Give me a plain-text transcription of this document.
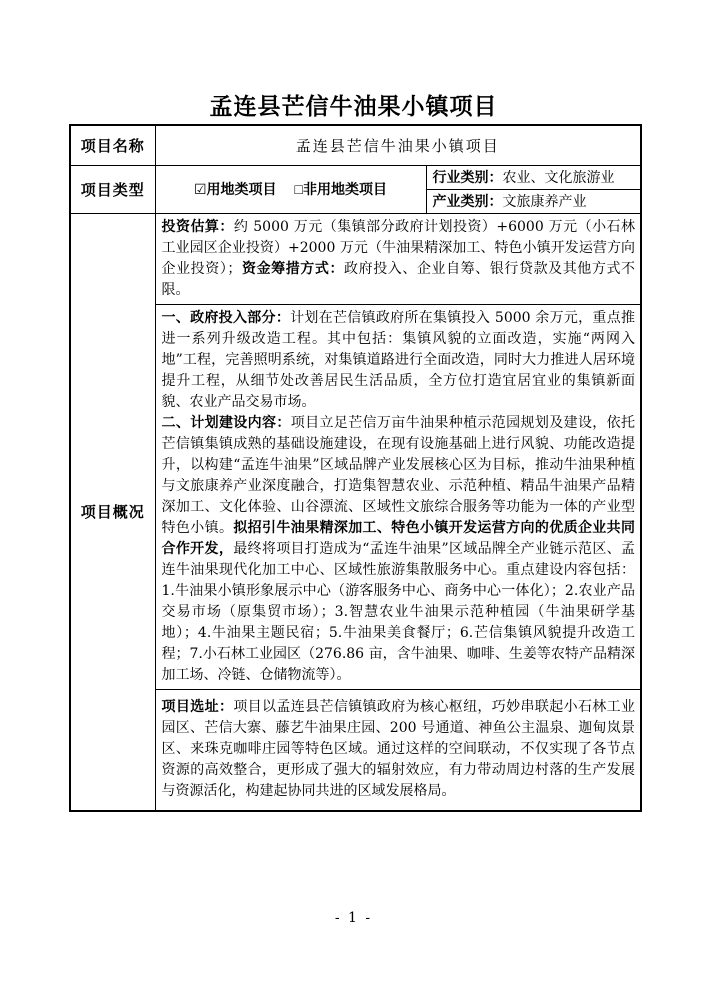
孟连县芒信牛油果小镇项目
项目名称	孟连县芒信牛油果小镇项目	
项目类型	☑用地类项目 □非用地类项目	行业类别：农业、文化旅游业
		产业类别：文旅康养产业
项目概况	投资估算：约 5000 万元（集镇部分政府计划投资）+6000 万元（小石林工业园区企业投资）+2000 万元（牛油果精深加工、特色小镇开发运营方向企业投资）；资金筹措方式：政府投入、企业自筹、银行贷款及其他方式不限。	

	一、政府投入部分：计划在芒信镇政府所在集镇投入 5000 余万元，重点推进一系列升级改造工程。其中包括：集镇风貌的立面改造，实施“两网入地”工程，完善照明系统，对集镇道路进行全面改造，同时大力推进人居环境提升工程，从细节处改善居民生活品质，全方位打造宜居宜业的集镇新面貌、农业产品交易市场。

二、计划建设内容：项目立足芒信万亩牛油果种植示范园规划及建设，依托芒信镇集镇成熟的基础设施建设，在现有设施基础上进行风貌、功能改造提升，以构建“孟连牛油果”区域品牌产业发展核心区为目标，推动牛油果种植与文旅康养产业深度融合，打造集智慧农业、示范种植、精品牛油果产品精深加工、文化体验、山谷漂流、区域性文旅综合服务等功能为一体的产业型特色小镇。拟招引牛油果精深加工、特色小镇开发运营方向的优质企业共同合作开发，最终将项目打造成为“孟连牛油果”区域品牌全产业链示范区、孟连牛油果现代化加工中心、区域性旅游集散服务中心。重点建设内容包括：1.牛油果小镇形象展示中心（游客服务中心、商务中心一体化）；2.农业产品交易市场（原集贸市场）；3.智慧农业牛油果示范种植园（牛油果研学基地）；4.牛油果主题民宿；5.牛油果美食餐厅；6.芒信集镇风貌提升改造工程；7.小石林工业园区（276.86 亩，含牛油果、咖啡、生姜等农特产品精深加工场、冷链、仓储物流等）。	

	项目选址：项目以孟连县芒信镇镇政府为核心枢纽，巧妙串联起小石林工业园区、芒信大寨、藤艺牛油果庄园、200 号通道、神鱼公主温泉、迦甸岚景区、来珠克咖啡庄园等特色区域。通过这样的空间联动，不仅实现了各节点资源的高效整合，更形成了强大的辐射效应，有力带动周边村落的生产发展与资源活化，构建起协同共进的区域发展格局。	

- 1 -
